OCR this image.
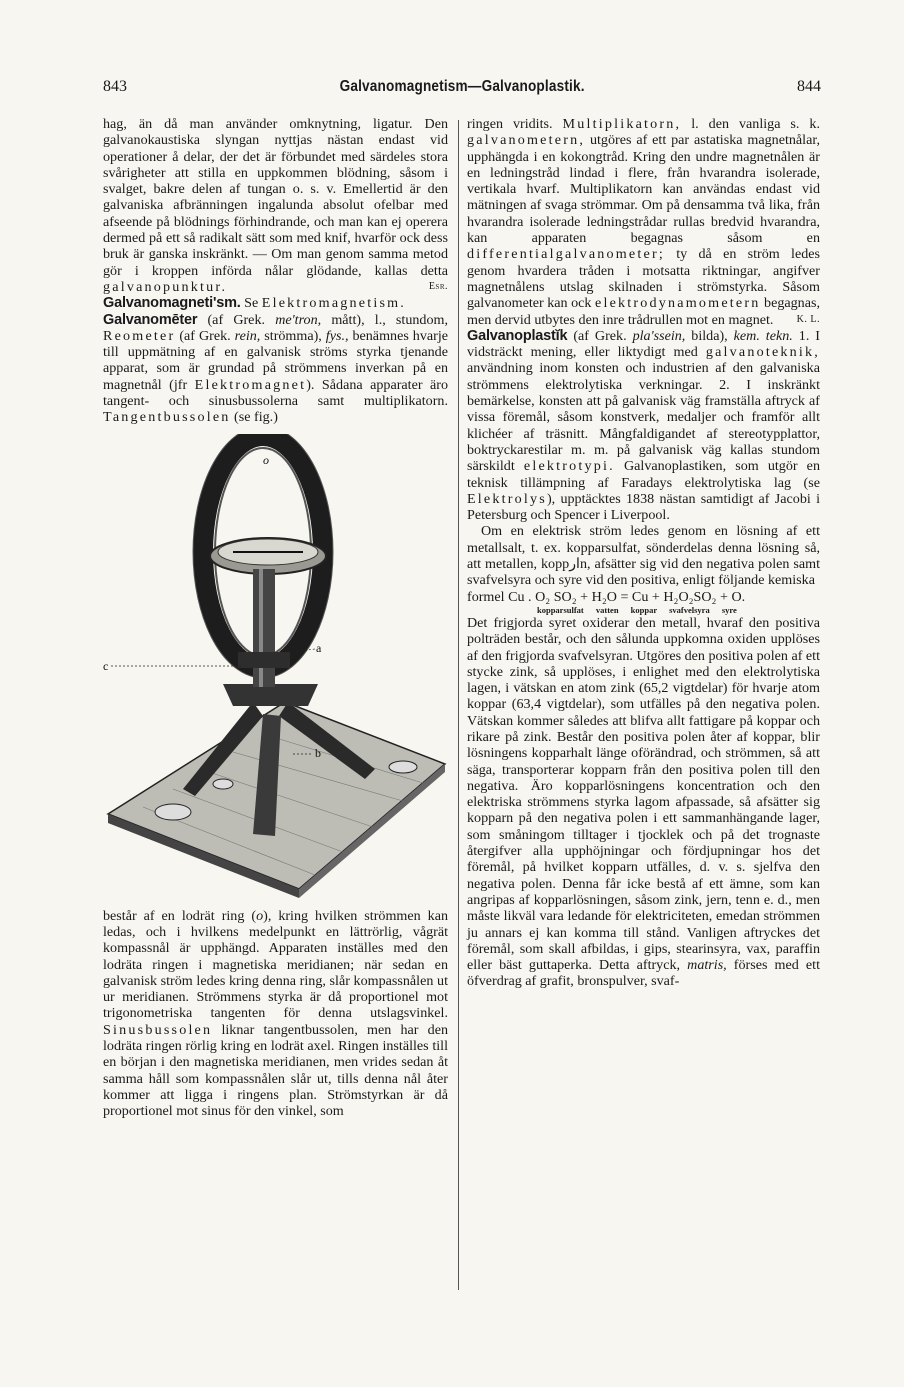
843	Galvanomagnetism—Galvanoplastik.	844

hag, än då man använder omknytning, ligatur. Den galvanokaustiska slyngan nyttjas nästan endast vid operationer å delar, der det är förbundet med särdeles stora svårigheter att stilla en uppkommen blödning, såsom i svalget, bakre delen af tungan o. s. v. Emellertid är den galvaniska afbränningen ingalunda absolut ofelbar med afseende på blödnings förhindrande, och man kan ej operera dermed på ett så radikalt sätt som med knif, hvarför ock dess bruk är ganska inskränkt. — Om man genom samma metod gör i kroppen införda nålar glödande, kallas detta galvanopunktur.	Esr.

Galvanomagneti'sm. Se Elektromagnetism.

Galvanomēter (af Grek. me'tron, mått), l., stundom, Reometer (af Grek. rein, strömma), fys., benämnes hvarje till uppmätning af en galvanisk ströms styrka tjenande apparat, som är grundad på strömmens inverkan på en magnetnål (jfr Elektromagnet). Sådana apparater äro tangent- och sinusbussolerna samt multiplikatorn. Tangentbussolen (se fig.)

o
a
c
b

består af en lodrät ring (o), kring hvilken strömmen kan ledas, och i hvilkens medelpunkt en lättrörlig, vågrät kompassnål är upphängd. Apparaten inställes med den lodräta ringen i magnetiska meridianen; när sedan en galvanisk ström ledes kring denna ring, slår kompassnålen ut ur meridianen. Strömmens styrka är då proportionel mot trigonometriska tangenten för denna utslagsvinkel. Sinusbussolen liknar tangentbussolen, men har den lodräta ringen rörlig kring en lodrät axel. Ringen inställes till en början i den magnetiska meridianen, men vrides sedan åt samma håll som kompassnålen slår ut, tills denna nål åter kommer att ligga i ringens plan. Strömstyrkan är då proportionel mot sinus för den vinkel, som

ringen vridits. Multiplikatorn, l. den vanliga s. k. galvanometern, utgöres af ett par astatiska magnetnålar, upphängda i en kokongtråd. Kring den undre magnetnålen är en ledningstråd lindad i flere, från hvarandra isolerade, vertikala hvarf. Multiplikatorn kan användas endast vid mätningen af svaga strömmar. Om på densamma två lika, från hvarandra isolerade ledningstrådar rullas bredvid hvarandra, kan apparaten begagnas såsom en differentialgalvanometer; ty då en ström ledes genom hvardera tråden i motsatta riktningar, angifver magnetnålens utslag skilnaden i strömstyrka. Såsom galvanometer kan ock elektrodynamometern begagnas, men dervid utbytes den inre trådrullen mot en magnet. K. L.

Galvanoplastĭk (af Grek. pla'ssein, bilda), kem. tekn. 1. I vidsträckt mening, eller liktydigt med galvanoteknik, användning inom konsten och industrien af den galvaniska strömmens elektrolytiska verkningar. 2. I inskränkt bemärkelse, konsten att på galvanisk väg framställa aftryck af vissa föremål, såsom konstverk, medaljer och framför allt klichéer af träsnitt. Mångfaldigandet af stereotypplattor, boktryckarestilar m. m. på galvanisk väg kallas stundom särskildt elektrotypi. Galvanoplastiken, som utgör en teknisk tillämpning af Faradays elektrolytiska lag (se Elektrolys), upptäcktes 1838 nästan samtidigt af Jacobi i Petersburg och Spencer i Liverpool.

Om en elektrisk ström ledes genom en lösning af ett metallsalt, t. ex. kopparsulfat, sönderdelas denna lösning så, att metallen, koppارn, afsätter sig vid den negativa polen samt svafvelsyra och syre vid den positiva, enligt följande kemiska

formel Cu . O₂ SO₂ + H₂O = Cu + H₂O₂SO₂ + O.

kopparsulfat vatten koppar svafvelsyra syre

Det frigjorda syret oxiderar den metall, hvaraf den positiva polträden består, och den sålunda uppkomna oxiden upplöses af den frigjorda svafvelsyran. Utgöres den positiva polen af ett stycke zink, så upplöses, i enlighet med den elektrolytiska lagen, i vätskan en atom zink (65,2 vigtdelar) för hvarje atom koppar (63,4 vigtdelar), som utfälles på den negativa polen. Vätskan kommer således att blifva allt fattigare på koppar och rikare på zink. Består den positiva polen åter af koppar, blir lösningens kopparhalt länge oförändrad, och strömmen, så att säga, transporterar kopparn från den positiva polen till den negativa. Äro kopparlösningens koncentration och den elektriska strömmens styrka lagom afpassade, så afsätter sig kopparn på den negativa polen i ett sammanhängande lager, som småningom tilltager i tjocklek och på det trognaste återgifver alla upphöjningar och fördjupningar hos det föremål, på hvilket kopparn utfälles, d. v. s. sjelfva den negativa polen. Denna får icke bestå af ett ämne, som kan angripas af kopparlösningen, såsom zink, jern, tenn e. d., men måste likväl vara ledande för elektriciteten, emedan strömmen ju annars ej kan komma till stånd. Vanligen aftryckes det föremål, som skall afbildas, i gips, stearinsyra, vax, paraffin eller bäst guttaperka. Detta aftryck, matris, förses med ett öfverdrag af grafit, bronspulver, svaf-
